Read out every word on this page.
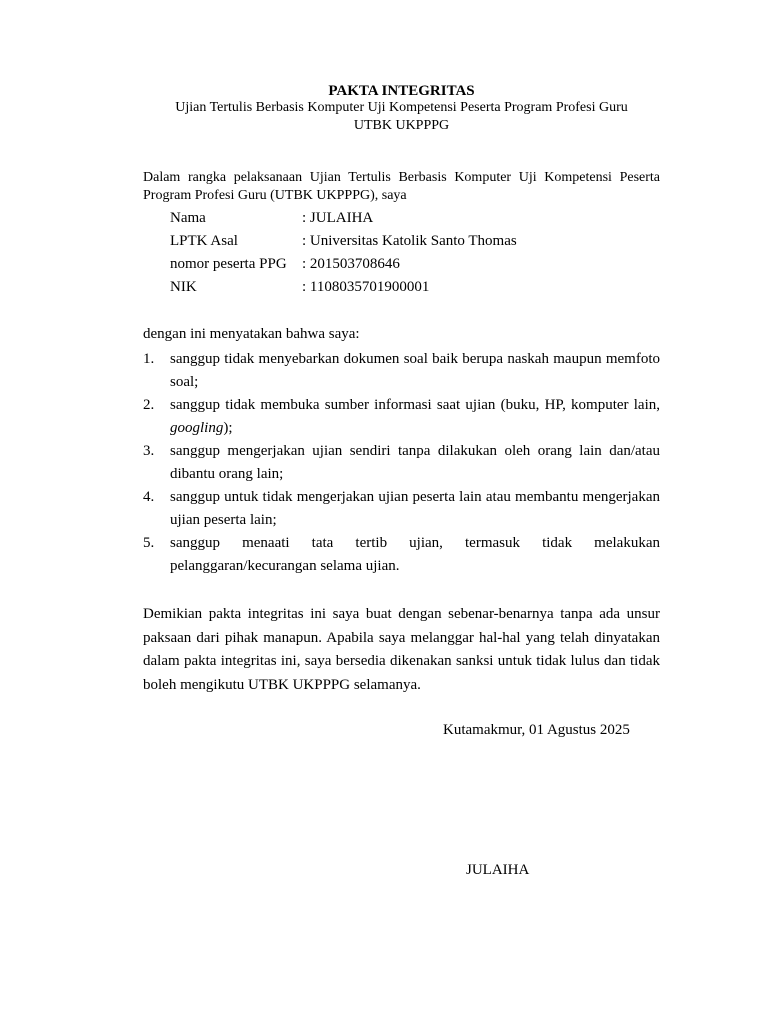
PAKTA INTEGRITAS
Ujian Tertulis Berbasis Komputer Uji Kompetensi Peserta Program Profesi Guru
UTBK UKPPPG
Dalam rangka pelaksanaan Ujian Tertulis Berbasis Komputer Uji Kompetensi Peserta Program Profesi Guru (UTBK UKPPPG), saya
Nama	: JULAIHA
LPTK Asal	: Universitas Katolik Santo Thomas
nomor peserta PPG : 201503708646
NIK	: 1108035701900001
dengan ini menyatakan bahwa saya:
1. sanggup tidak menyebarkan dokumen soal baik berupa naskah maupun memfoto soal;
2. sanggup tidak membuka sumber informasi saat ujian (buku, HP, komputer lain, googling);
3. sanggup mengerjakan ujian sendiri tanpa dilakukan oleh orang lain dan/atau dibantu orang lain;
4. sanggup untuk tidak mengerjakan ujian peserta lain atau membantu mengerjakan ujian peserta lain;
5. sanggup menaati tata tertib ujian, termasuk tidak melakukan
pelanggaran/kecurangan selama ujian.
Demikian pakta integritas ini saya buat dengan sebenar-benarnya tanpa ada unsur paksaan dari pihak manapun. Apabila saya melanggar hal-hal yang telah dinyatakan dalam pakta integritas ini, saya bersedia dikenakan sanksi untuk tidak lulus dan tidak boleh mengikutu UTBK UKPPPG selamanya.
Kutamakmur, 01 Agustus 2025
JULAIHA
